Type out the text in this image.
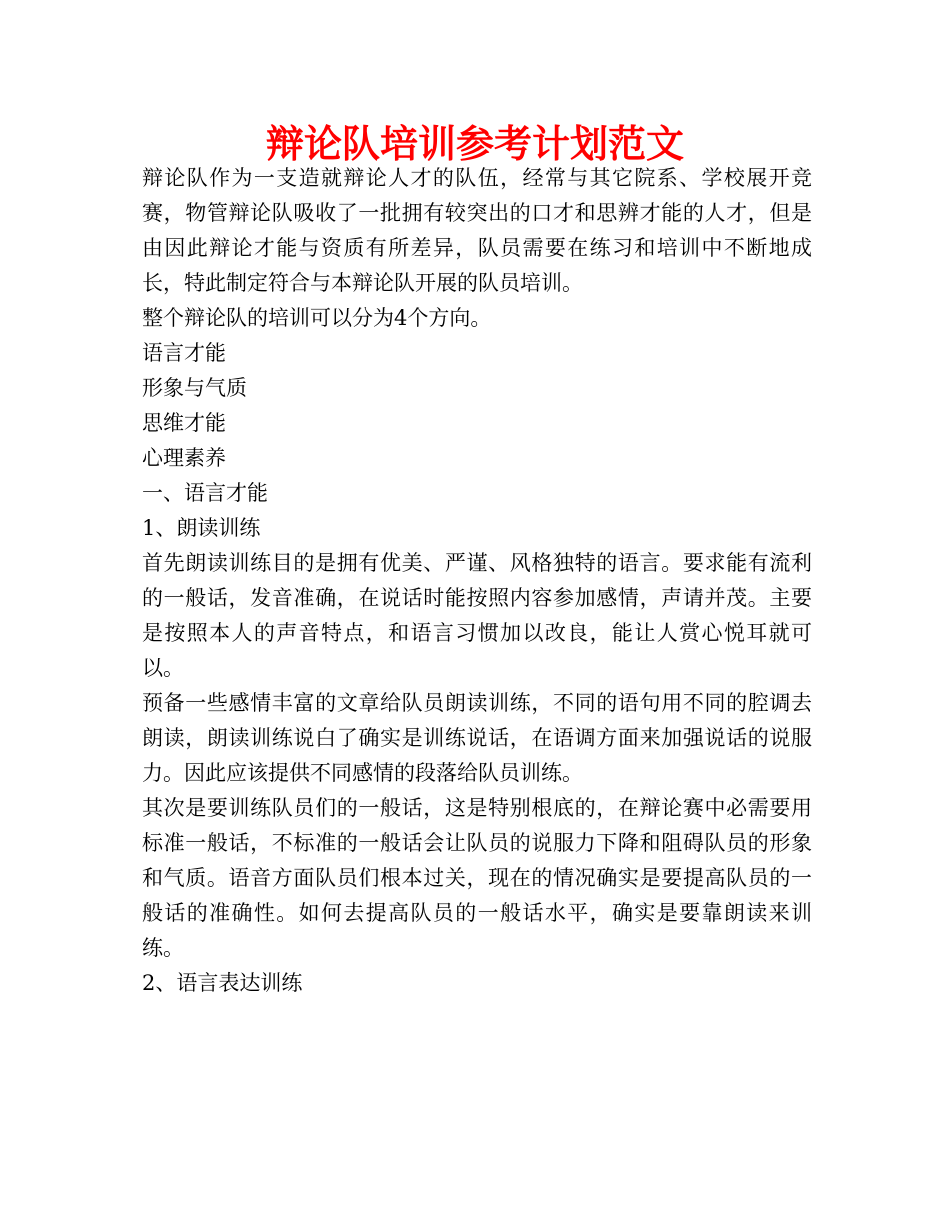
辩论队培训参考计划范文

辩论队作为一支造就辩论人才的队伍，经常与其它院系、学校展开竞赛，物管辩论队吸收了一批拥有较突出的口才和思辨才能的人才，但是由因此辩论才能与资质有所差异，队员需要在练习和培训中不断地成长，特此制定符合与本辩论队开展的队员培训。

整个辩论队的培训可以分为4个方向。

语言才能

形象与气质

思维才能

心理素养

一、语言才能

1、朗读训练

首先朗读训练目的是拥有优美、严谨、风格独特的语言。要求能有流利的一般话，发音准确，在说话时能按照内容参加感情，声请并茂。主要是按照本人的声音特点，和语言习惯加以改良，能让人赏心悦耳就可以。

预备一些感情丰富的文章给队员朗读训练，不同的语句用不同的腔调去朗读，朗读训练说白了确实是训练说话，在语调方面来加强说话的说服力。因此应该提供不同感情的段落给队员训练。

其次是要训练队员们的一般话，这是特别根底的，在辩论赛中必需要用标准一般话，不标准的一般话会让队员的说服力下降和阻碍队员的形象和气质。语音方面队员们根本过关，现在的情况确实是要提高队员的一般话的准确性。如何去提高队员的一般话水平，确实是要靠朗读来训练。

2、语言表达训练
